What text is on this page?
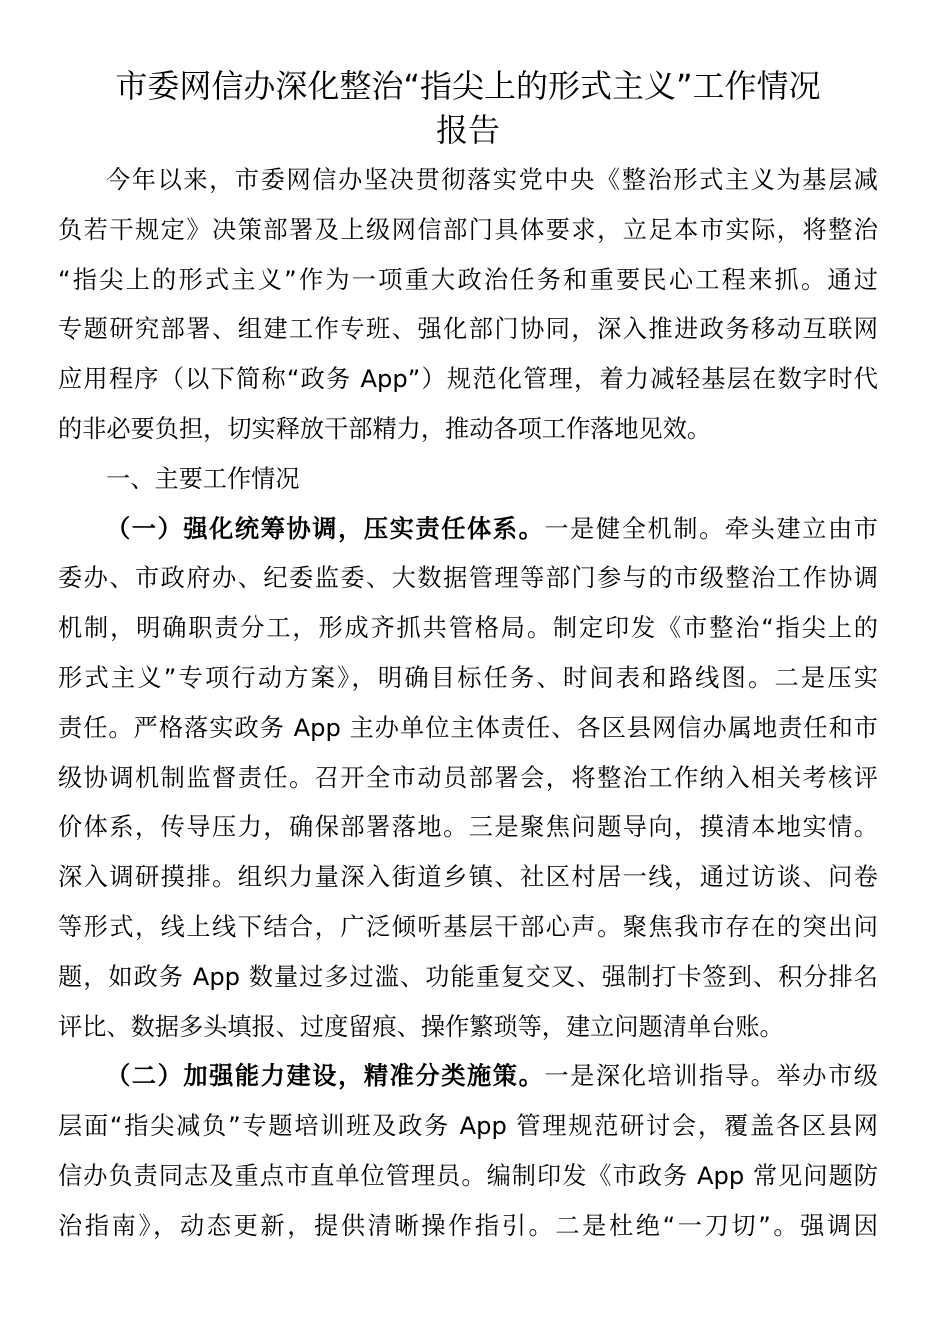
市委网信办深化整治“指尖上的形式主义”工作情况
报告
今年以来，市委网信办坚决贯彻落实党中央《整治形式主义为基层减
负若干规定》决策部署及上级网信部门具体要求，立足本市实际，将整治
“指尖上的形式主义”作为一项重大政治任务和重要民心工程来抓。通过
专题研究部署、组建工作专班、强化部门协同，深入推进政务移动互联网
应用程序（以下简称“政务 App”）规范化管理，着力减轻基层在数字时代
的非必要负担，切实释放干部精力，推动各项工作落地见效。
一、主要工作情况
（一）强化统筹协调，压实责任体系。一是健全机制。牵头建立由市
委办、市政府办、纪委监委、大数据管理等部门参与的市级整治工作协调
机制，明确职责分工，形成齐抓共管格局。制定印发《市整治“指尖上的
形式主义”专项行动方案》，明确目标任务、时间表和路线图。二是压实
责任。严格落实政务 App 主办单位主体责任、各区县网信办属地责任和市
级协调机制监督责任。召开全市动员部署会，将整治工作纳入相关考核评
价体系，传导压力，确保部署落地。三是聚焦问题导向，摸清本地实情。
深入调研摸排。组织力量深入街道乡镇、社区村居一线，通过访谈、问卷
等形式，线上线下结合，广泛倾听基层干部心声。聚焦我市存在的突出问
题，如政务 App 数量过多过滥、功能重复交叉、强制打卡签到、积分排名
评比、数据多头填报、过度留痕、操作繁琐等，建立问题清单台账。
（二）加强能力建设，精准分类施策。一是深化培训指导。举办市级
层面“指尖减负”专题培训班及政务 App 管理规范研讨会，覆盖各区县网
信办负责同志及重点市直单位管理员。编制印发《市政务 App 常见问题防
治指南》，动态更新，提供清晰操作指引。二是杜绝“一刀切”。强调因
